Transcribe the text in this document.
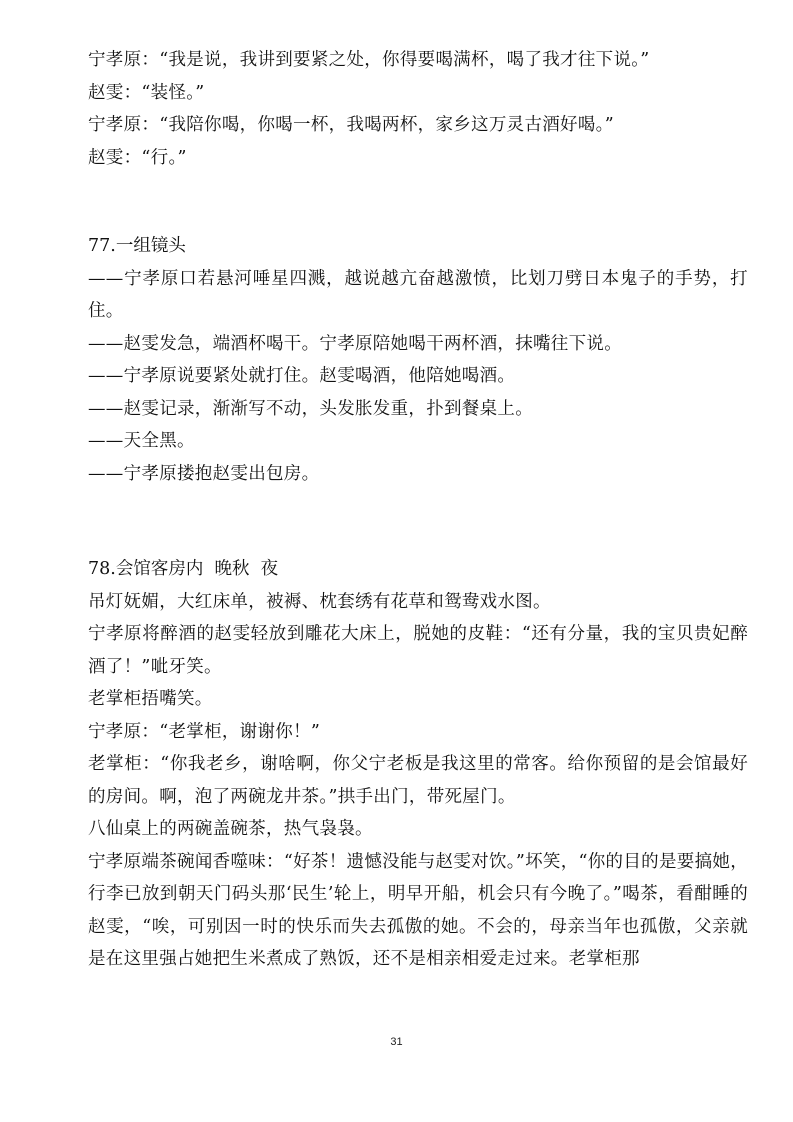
宁孝原：“我是说，我讲到要紧之处，你得要喝满杯，喝了我才往下说。”

赵雯：“装怪。”

宁孝原：“我陪你喝，你喝一杯，我喝两杯，家乡这万灵古酒好喝。”

赵雯：“行。”

77.一组镜头

——宁孝原口若悬河唾星四溅，越说越亢奋越激愤，比划刀劈日本鬼子的手势，打住。

——赵雯发急，端酒杯喝干。宁孝原陪她喝干两杯酒，抹嘴往下说。

——宁孝原说要紧处就打住。赵雯喝酒，他陪她喝酒。

——赵雯记录，渐渐写不动，头发胀发重，扑到餐桌上。

——天全黑。

——宁孝原搂抱赵雯出包房。

78.会馆客房内  晚秋  夜

吊灯妩媚，大红床单，被褥、枕套绣有花草和鸳鸯戏水图。

宁孝原将醉酒的赵雯轻放到雕花大床上，脱她的皮鞋：“还有分量，我的宝贝贵妃醉酒了！”呲牙笑。

老掌柜捂嘴笑。

宁孝原：“老掌柜，谢谢你！”

老掌柜：“你我老乡，谢啥啊，你父宁老板是我这里的常客。给你预留的是会馆最好的房间。啊，泡了两碗龙井茶。”拱手出门，带死屋门。

八仙桌上的两碗盖碗茶，热气袅袅。

宁孝原端茶碗闻香噬味：“好茶！遗憾没能与赵雯对饮。”坏笑，“你的目的是要搞她，行李已放到朝天门码头那‘民生’轮上，明早开船，机会只有今晚了。”喝茶，看酣睡的赵雯，“唉，可别因一时的快乐而失去孤傲的她。不会的，母亲当年也孤傲，父亲就是在这里强占她把生米煮成了熟饭，还不是相亲相爱走过来。老掌柜那

31
